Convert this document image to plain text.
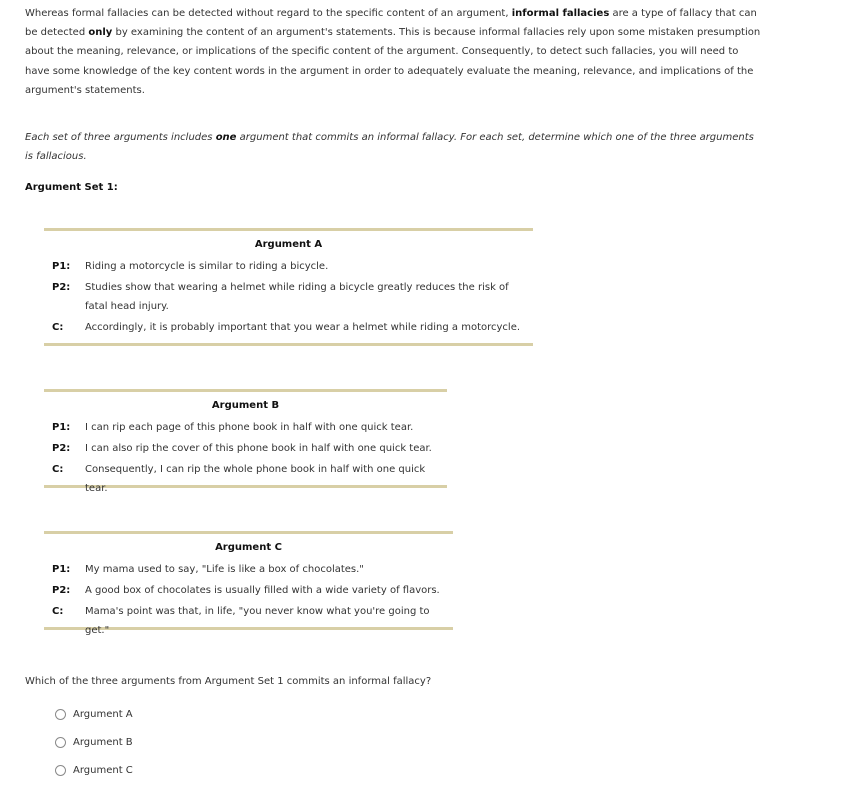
Whereas formal fallacies can be detected without regard to the specific content of an argument, informal fallacies are a type of fallacy that can be detected only by examining the content of an argument's statements. This is because informal fallacies rely upon some mistaken presumption about the meaning, relevance, or implications of the specific content of the argument. Consequently, to detect such fallacies, you will need to have some knowledge of the key content words in the argument in order to adequately evaluate the meaning, relevance, and implications of the argument's statements.

Each set of three arguments includes one argument that commits an informal fallacy. For each set, determine which one of the three arguments is fallacious.

Argument Set 1:

Argument A
P1:	Riding a motorcycle is similar to riding a bicycle.
P2:	Studies show that wearing a helmet while riding a bicycle greatly reduces the risk of fatal head injury.
C:	Accordingly, it is probably important that you wear a helmet while riding a motorcycle.
Argument B
P1:	I can rip each page of this phone book in half with one quick tear.
P2:	I can also rip the cover of this phone book in half with one quick tear.
C:	Consequently, I can rip the whole phone book in half with one quick tear.
Argument C
P1:	My mama used to say, "Life is like a box of chocolates."
P2:	A good box of chocolates is usually filled with a wide variety of flavors.
C:	Mama's point was that, in life, "you never know what you're going to get."

Which of the three arguments from Argument Set 1 commits an informal fallacy?

Argument A
Argument B
Argument C
